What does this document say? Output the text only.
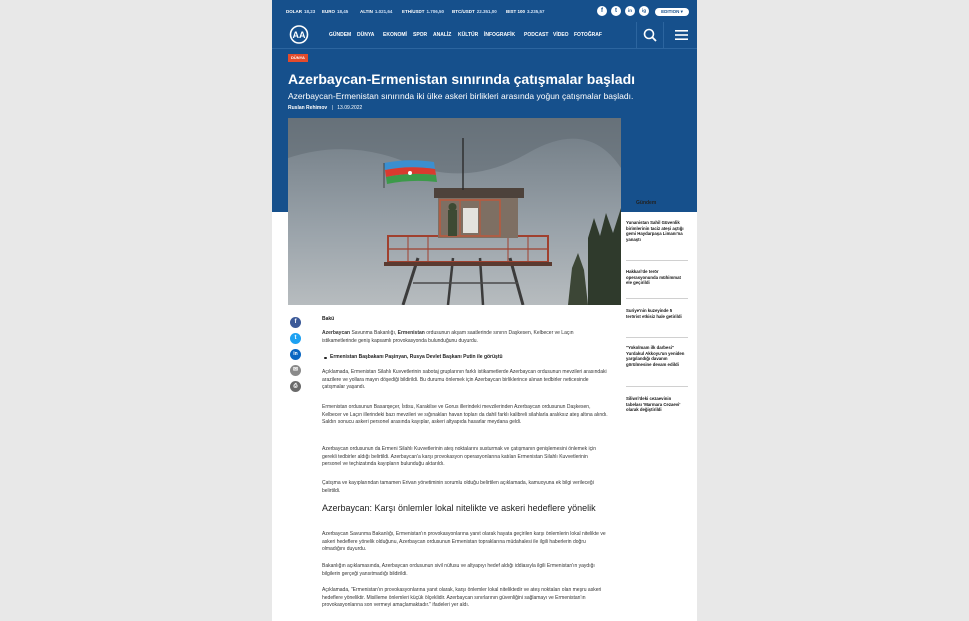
DOLAR 18,23 EURO 18,45	ALTIN 1.021,64 ETH/USDT 1.706,50 BTC/USDT 22.351,00 BIST 100 3.235,57	f	t	in	ig	EDITION ▾
AA	GÜNDEM DÜNYA EKONOMİ SPOR ANALİZ KÜLTÜR İNFOGRAFİK PODCAST VİDEO FOTOĞRAF
DÜNYA
Azerbaycan-Ermenistan sınırında çatışmalar başladı

Azerbaycan-Ermenistan sınırında iki ülke askeri birlikleri arasında yoğun çatışmalar başladı.

Ruslan Rehimov | 13.09.2022
Gündem
Yunanistan Sahil Güvenlik birimlerinin taciz ateşi açtığı gemi Haydarpaşa Limanı'na yanaştı
Hakkari'de terör operasyonunda mühimmat ele geçirildi
Suriye'nin kuzeyinde 5 terörist etkisiz hale getirildi
"Yokolmam ilk darbesi" Yurdakul Akkoyu'un yeniden yargılandığı davanın görülmesine devam edildi
Siliwri'deki cezaevinin tabelası 'Marmara Cezaevi' olarak değiştirildi
f
t
in
✉
⎙

Bakü

Azerbaycan Savunma Bakanlığı, Ermenistan ordusunun akşam saatlerinde sınırın Daşkesen, Kelbecer ve Laçın istikametlerinde geniş kapsamlı provokasyonda bulunduğunu duyurdu.

Ermenistan Başbakanı Paşinyan, Rusya Devlet Başkanı Putin ile görüştü

Açıklamada, Ermenistan Silahlı Kuvvetlerinin sabotaj gruplarının farklı istikametlerde Azerbaycan ordusunun mevzileri arasındaki arazilere ve yollara mayın döşediği bildirildi. Bu durumu önlemek için Azerbaycan birliklerince alınan tedbirler neticesinde çatışmalar yaşandı.

Ermenistan ordusunun Basarqeçer, İstisu, Karakilse ve Gorus illerindeki mevzilerinden Azerbaycan ordusunun Daşkesen, Kelbecer ve Laçın illerindeki bazı mevzileri ve sığınakları havan topları da dahil farklı kalibreli silahlarla aralıksız ateş altına alındı. Saldırı sonucu askeri personel arasında kayıplar, askeri altyapıda hasarlar meydana geldi.

Azerbaycan ordusunun da Ermeni Silahlı Kuvvetlerinin ateş noktalarını susturmak ve çatışmanın genişlemesini önlemek için gerekli tedbirler aldığı belirtildi. Azerbaycan'a karşı provokasyon operasyonlarına katılan Ermenistan Silahlı Kuvvetlerinin personel ve teçhizatında kayıpların bulunduğu aktarıldı.

Çatışma ve kayıplarından tamamen Erivan yönetiminin sorumlu olduğu belirtilen açıklamada, kamuoyuna ek bilgi verileceği belirtildi.

Azerbaycan: Karşı önlemler lokal nitelikte ve askeri hedeflere yönelik

Azerbaycan Savunma Bakanlığı, Ermenistan'ın provokasyonlarına yanıt olarak hayata geçirilen karşı önlemlerin lokal nitelikte ve askeri hedeflere yönelik olduğunu, Azerbaycan ordusunun Ermenistan topraklarına müdahalesi ile ilgili haberlerin doğru olmadığını duyurdu.

Bakanlığın açıklamasında, Azerbaycan ordusunun sivil nüfusu ve altyapıyı hedef aldığı iddiasıyla ilgili Ermenistan'ın yaydığı bilgilerin gerçeği yansıtmadığı bildirildi.

Açıklamada, "Ermenistan'ın provokasyonlarına yanıt olarak, karşı önlemler lokal niteliktedir ve ateş noktaları olan meşru askeri hedeflere yöneliktir. Misilleme önlemleri küçük ölçeklidir. Azerbaycan sınırlarının güvenliğini sağlamayı ve Ermenistan'ın provokasyonlarına son vermeyi amaçlamaktadır." ifadeleri yer aldı.
